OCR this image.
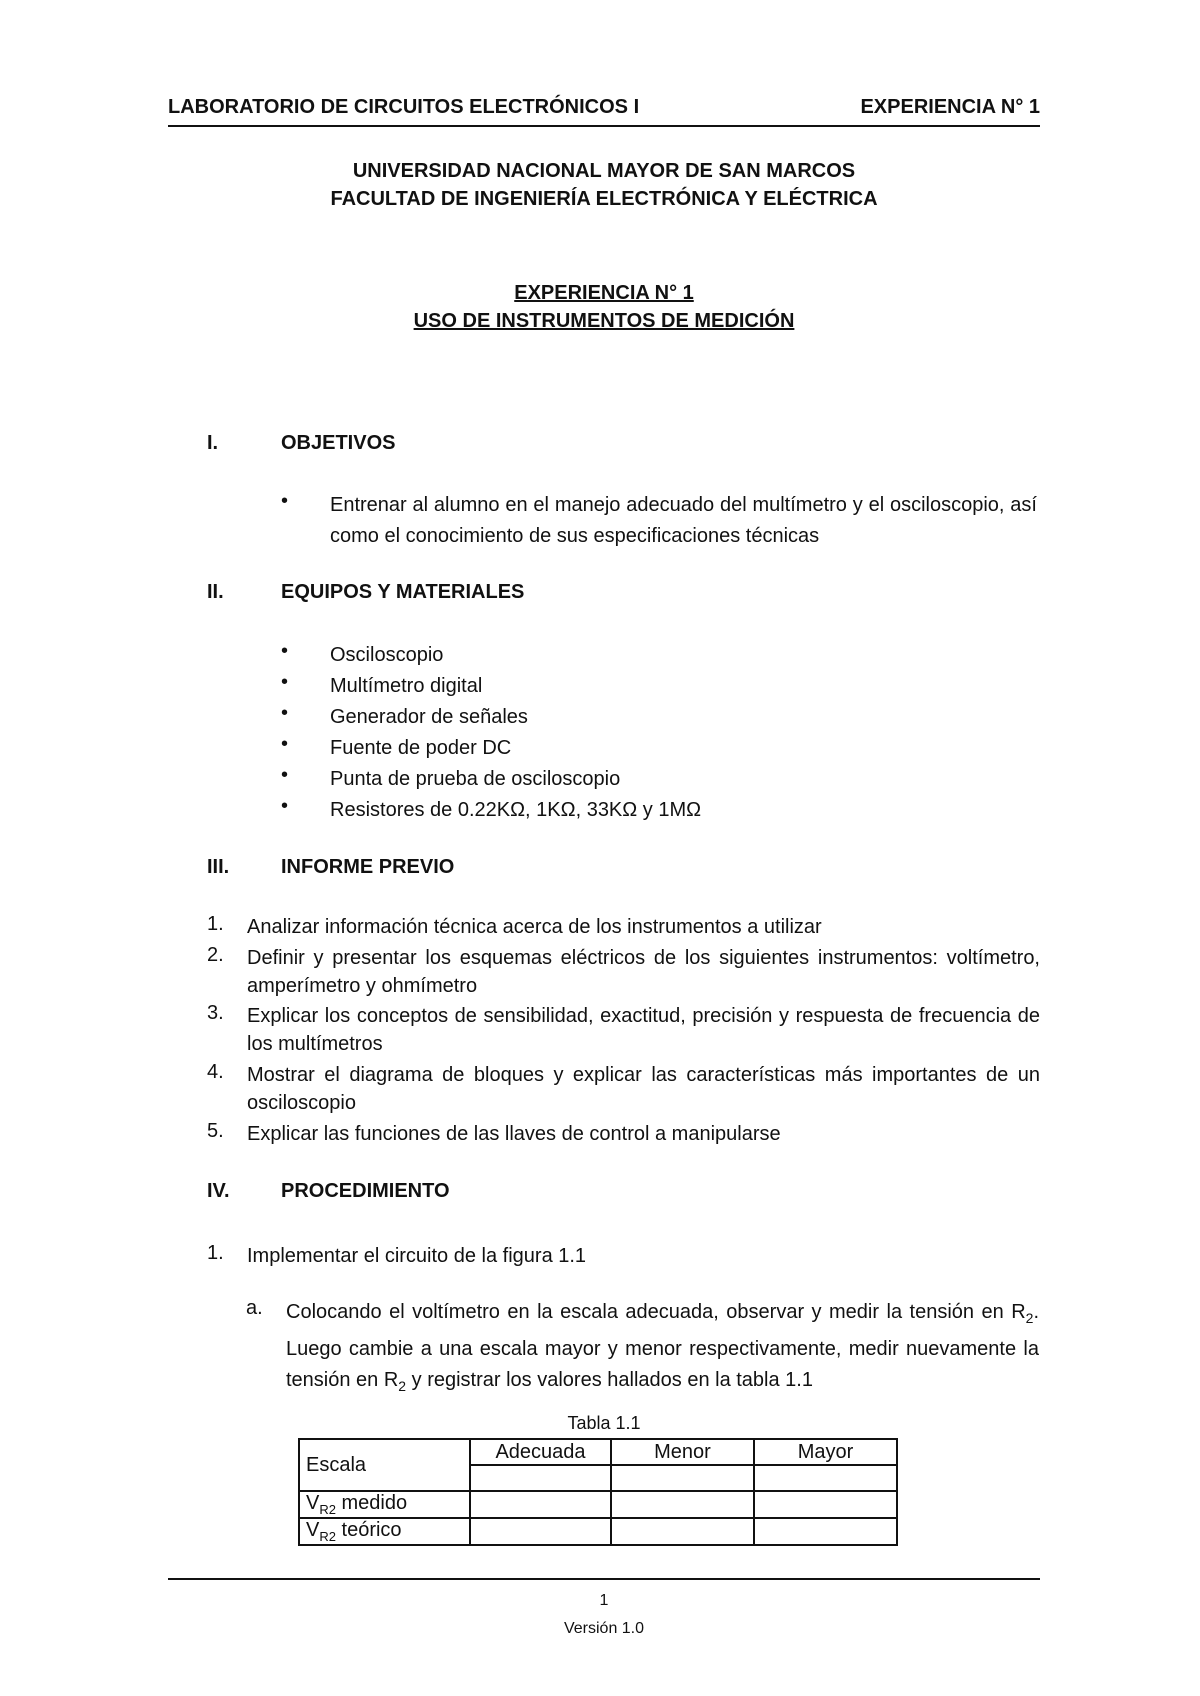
LABORATORIO DE CIRCUITOS ELECTRÓNICOS I	EXPERIENCIA N° 1
UNIVERSIDAD NACIONAL MAYOR DE SAN MARCOS
FACULTAD DE INGENIERÍA ELECTRÓNICA Y ELÉCTRICA
EXPERIENCIA N° 1
USO DE INSTRUMENTOS DE MEDICIÓN
I.	OBJETIVOS
• Entrenar al alumno en el manejo adecuado del multímetro y el osciloscopio, así como el conocimiento de sus especificaciones técnicas
II.	EQUIPOS Y MATERIALES
• Osciloscopio
• Multímetro digital
• Generador de señales
• Fuente de poder DC
• Punta de prueba de osciloscopio
• Resistores de 0.22KΩ, 1KΩ, 33KΩ y 1MΩ
III.	INFORME PREVIO
1. Analizar información técnica acerca de los instrumentos a utilizar
2. Definir y presentar los esquemas eléctricos de los siguientes instrumentos: voltímetro, amperímetro y ohmímetro
3. Explicar los conceptos de sensibilidad, exactitud, precisión y respuesta de frecuencia de los multímetros
4. Mostrar el diagrama de bloques y explicar las características más importantes de un osciloscopio
5. Explicar las funciones de las llaves de control a manipularse
IV.	PROCEDIMIENTO
1. Implementar el circuito de la figura 1.1
a. Colocando el voltímetro en la escala adecuada, observar y medir la tensión en $R_2$. Luego cambie a una escala mayor y menor respectivamente, medir nuevamente la tensión en $R_2$ y registrar los valores hallados en la tabla 1.1
Tabla 1.1
Escala	Adecuada	Menor	Mayor

$V_{R2}$ medido			
$V_{R2}$ teórico			
1
Versión 1.0
